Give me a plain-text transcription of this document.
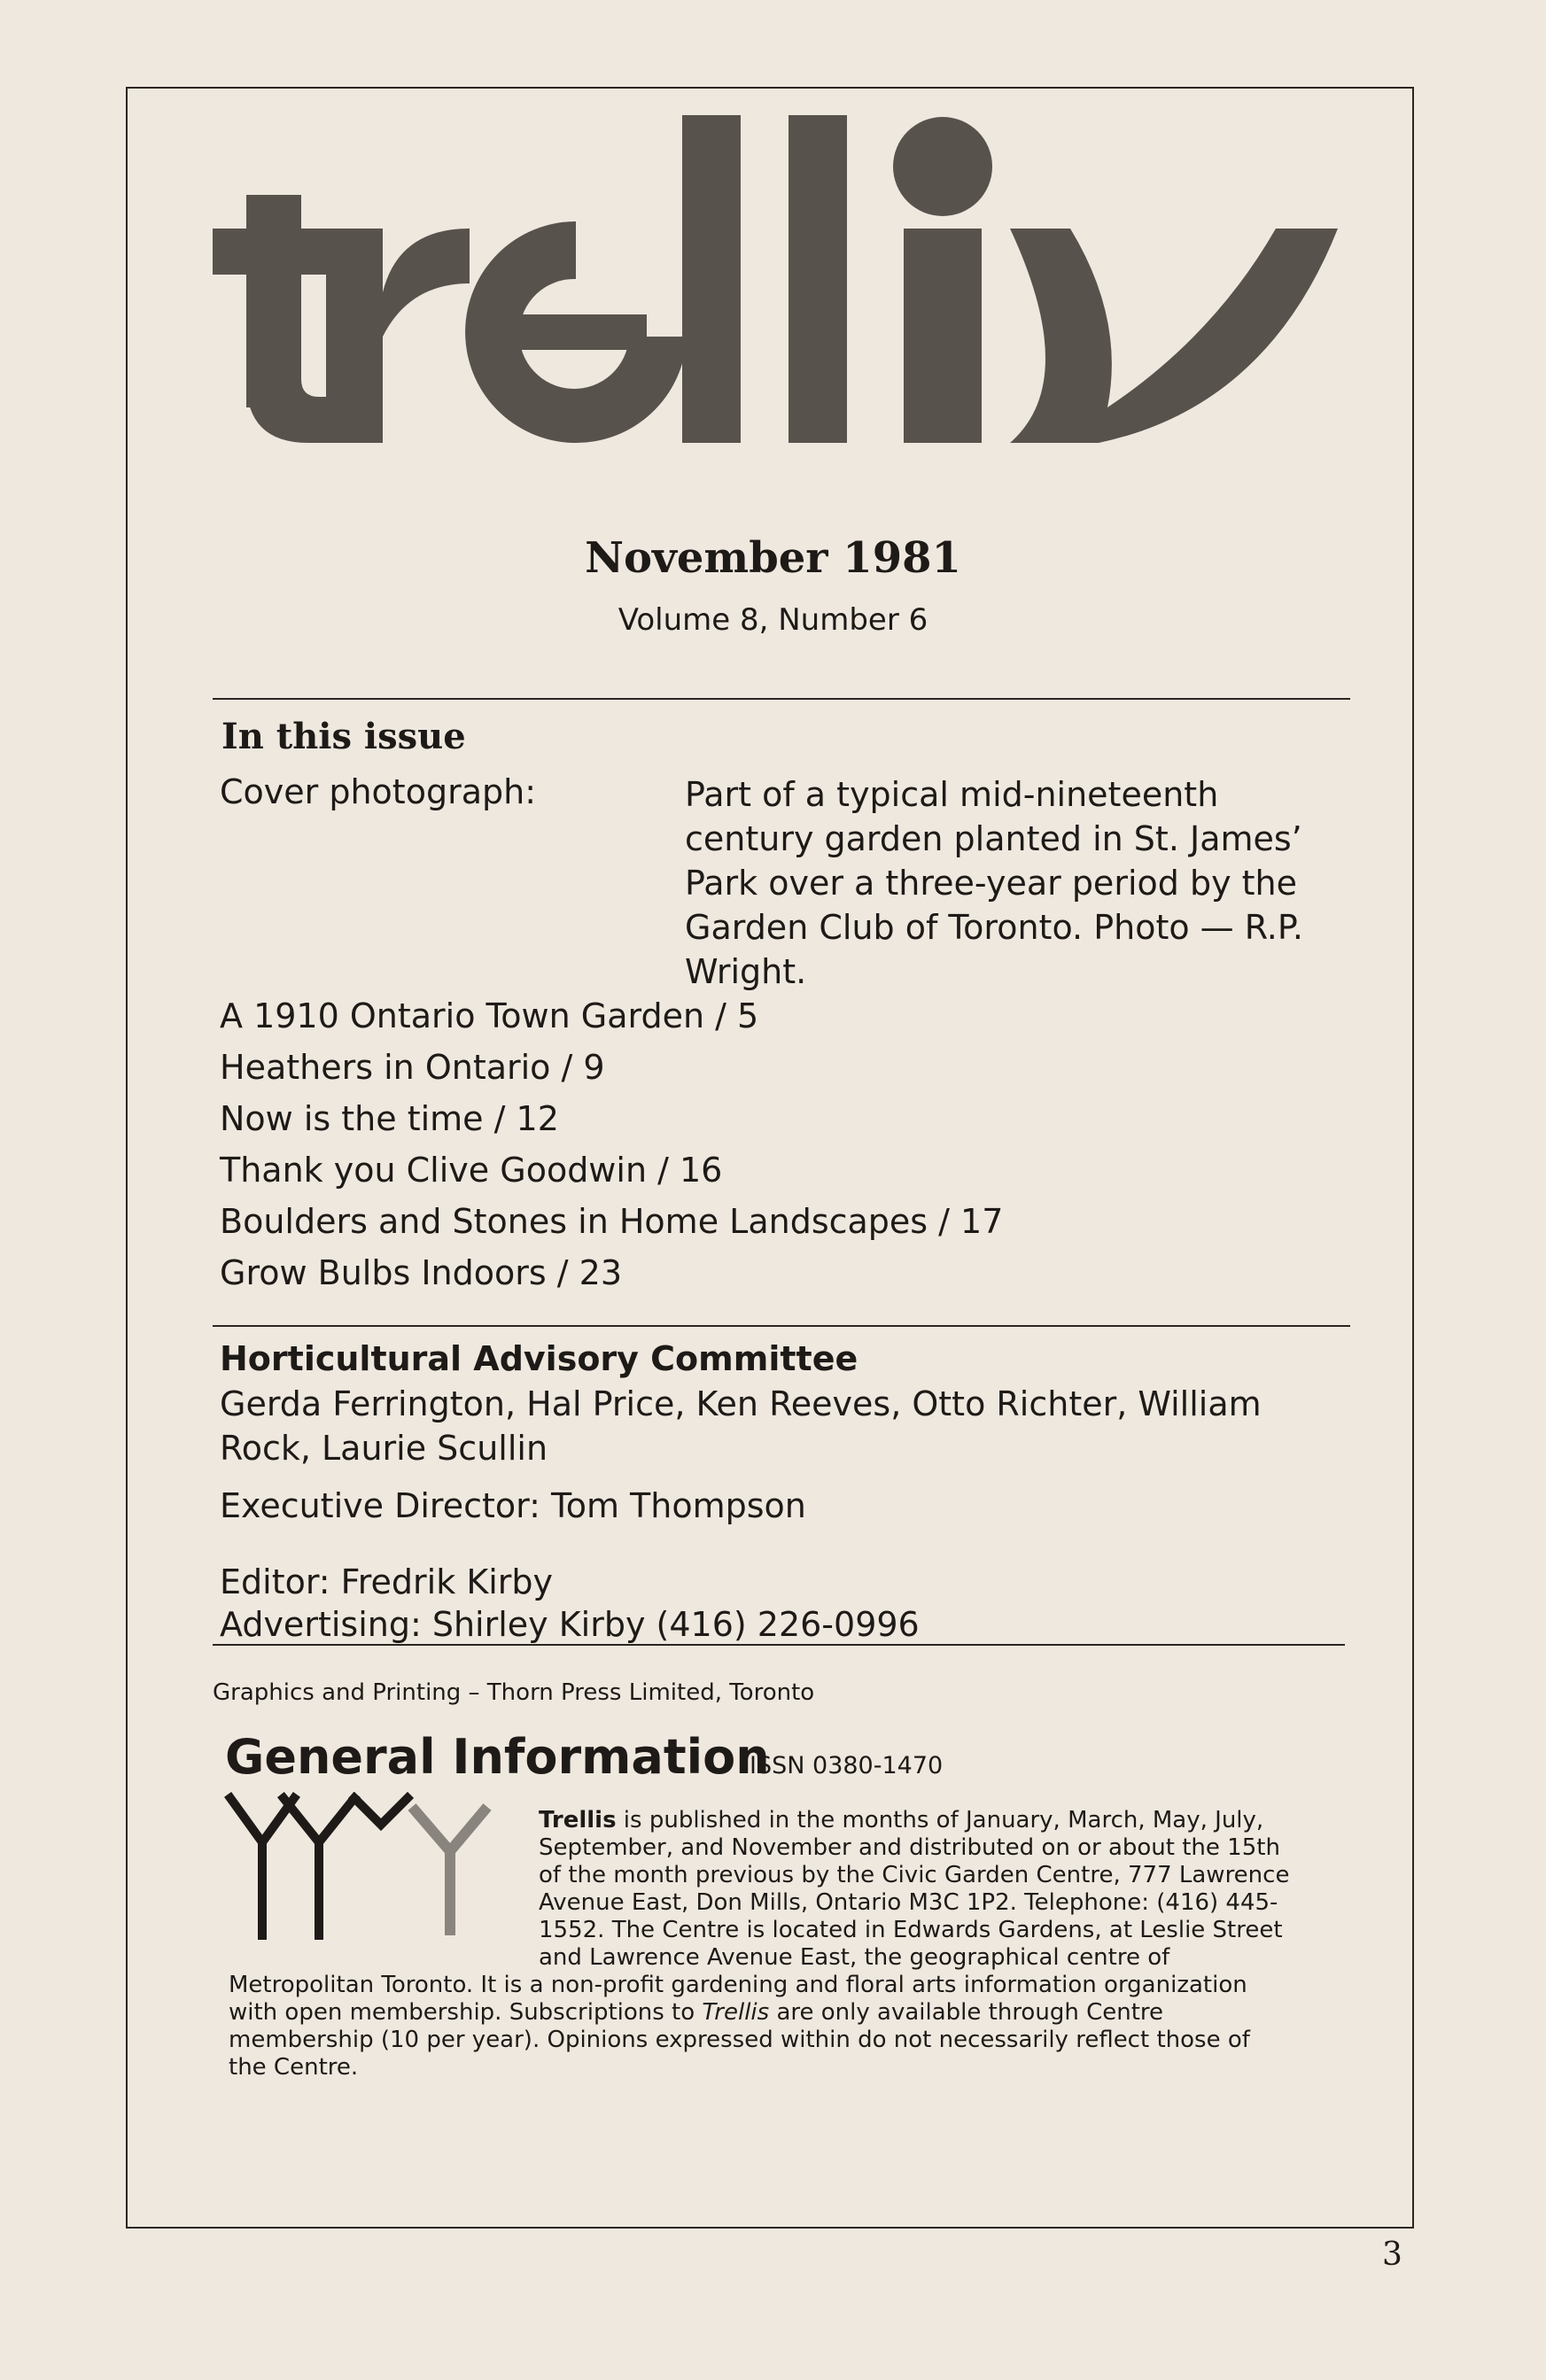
November 1981
Volume 8, Number 6
In this issue
Cover photograph:	Part of a typical mid-nineteenth century garden planted in St. James’ Park over a three-year period by the Garden Club of Toronto. Photo — R.P. Wright.
A 1910 Ontario Town Garden / 5
Heathers in Ontario / 9
Now is the time / 12
Thank you Clive Goodwin / 16
Boulders and Stones in Home Landscapes / 17
Grow Bulbs Indoors / 23
Horticultural Advisory Committee
Gerda Ferrington, Hal Price, Ken Reeves, Otto Richter, William Rock, Laurie Scullin
Executive Director: Tom Thompson
Editor: Fredrik Kirby
Advertising: Shirley Kirby (416) 226-0996
Graphics and Printing – Thorn Press Limited, Toronto
General Information
ISSN 0380-1470
Trellis is published in the months of January, March, May, July, September, and November and distributed on or about the 15th of the month previous by the Civic Garden Centre, 777 Lawrence Avenue East, Don Mills, Ontario M3C 1P2. Telephone: (416) 445-1552. The Centre is located in Edwards Gardens, at Leslie Street and Lawrence Avenue East, the geographical centre of Metropolitan Toronto. It is a non-profit gardening and floral arts information organization with open membership. Subscriptions to Trellis are only available through Centre membership (10 per year). Opinions expressed within do not necessarily reflect those of the Centre.
3
